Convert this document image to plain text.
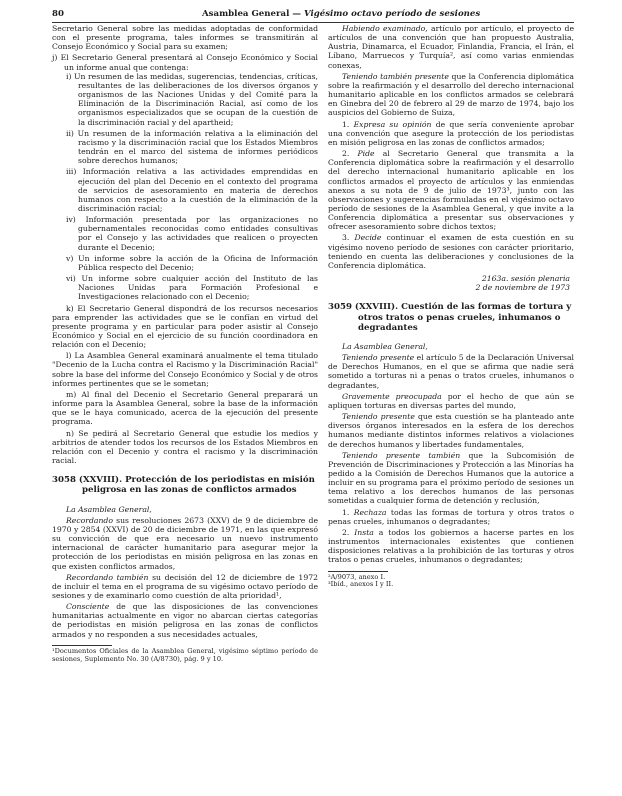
80	Asamblea General — Vigésimo octavo período de sesiones

Secretario General sobre las medidas adoptadas de conformidad con el presente programa, tales informes se transmitirán al Consejo Económico y Social para su examen;

j) El Secretario General presentará al Consejo Económico y Social un informe anual que contenga:

i) Un resumen de las medidas, sugerencias, tendencias, críticas, resultantes de las deliberaciones de los diversos órganos y organismos de las Naciones Unidas y del Comité para la Eliminación de la Discriminación Racial, así como de los organismos especializados que se ocupan de la cuestión de la discriminación racial y del apartheid;

ii) Un resumen de la información relativa a la eliminación del racismo y la discriminación racial que los Estados Miembros tendrán en el marco del sistema de informes periódicos sobre derechos humanos;

iii) Información relativa a las actividades emprendidas en ejecución del plan del Decenio en el contexto del programa de servicios de asesoramiento en materia de derechos humanos con respecto a la cuestión de la eliminación de la discriminación racial;

iv) Información presentada por las organizaciones no gubernamentales reconocidas como entidades consultivas por el Consejo y las actividades que realicen o proyecten durante el Decenio;

v) Un informe sobre la acción de la Oficina de Información Pública respecto del Decenio;

vi) Un informe sobre cualquier acción del Instituto de las Naciones Unidas para Formación Profesional e Investigaciones relacionado con el Decenio;

k) El Secretario General dispondrá de los recursos necesarios para emprender las actividades que se le confían en virtud del presente programa y en particular para poder asistir al Consejo Económico y Social en el ejercicio de su función coordinadora en relación con el Decenio;

l) La Asamblea General examinará anualmente el tema titulado "Decenio de la Lucha contra el Racismo y la Discriminación Racial" sobre la base del informe del Consejo Económico y Social y de otros informes pertinentes que se le sometan;

m) Al final del Decenio el Secretario General preparará un informe para la Asamblea General, sobre la base de la información que se le haya comunicado, acerca de la ejecución del presente programa.

n) Se pedirá al Secretario General que estudie los medios y arbitrios de atender todos los recursos de los Estados Miembros en relación con el Decenio y contra el racismo y la discriminación racial.

3058 (XXVIII). Protección de los periodistas en misión peligrosa en las zonas de conflictos armados

La Asamblea General,

Recordando sus resoluciones 2673 (XXV) de 9 de diciembre de 1970 y 2854 (XXVI) de 20 de diciembre de 1971, en las que expresó su convicción de que era necesario un nuevo instrumento internacional de carácter humanitario para asegurar mejor la protección de los periodistas en misión peligrosa en las zonas en que existen conflictos armados,

Recordando también su decisión del 12 de diciembre de 1972 de incluir el tema en el programa de su vigésimo octavo período de sesiones y de examinarlo como cuestión de alta prioridad¹,

Consciente de que las disposiciones de las convenciones humanitarias actualmente en vigor no abarcan ciertas categorías de periodistas en misión peligrosa en las zonas de conflictos armados y no responden a sus necesidades actuales,

¹Documentos Oficiales de la Asamblea General, vigésimo séptimo período de sesiones, Suplemento No. 30 (A/8730), pág. 9 y 10.

Habiendo examinado, artículo por artículo, el proyecto de artículos de una convención que han propuesto Australia, Austria, Dinamarca, el Ecuador, Finlandia, Francia, el Irán, el Líbano, Marruecos y Turquía², así como varias enmiendas conexas,

Teniendo también presente que la Conferencia diplomática sobre la reafirmación y el desarrollo del derecho internacional humanitario aplicable en los conflictos armados se celebrará en Ginebra del 20 de febrero al 29 de marzo de 1974, bajo los auspicios del Gobierno de Suiza,

1. Expresa su opinión de que sería conveniente aprobar una convención que asegure la protección de los periodistas en misión peligrosa en las zonas de conflictos armados;

2. Pide al Secretario General que transmita a la Conferencia diplomática sobre la reafirmación y el desarrollo del derecho internacional humanitario aplicable en los conflictos armados el proyecto de artículos y las enmiendas anexos a su nota de 9 de julio de 1973³, junto con las observaciones y sugerencias formuladas en el vigésimo octavo período de sesiones de la Asamblea General, y que invite a la Conferencia diplomática a presentar sus observaciones y ofrecer asesoramiento sobre dichos textos;

3. Decide continuar el examen de esta cuestión en su vigésimo noveno período de sesiones con carácter prioritario, teniendo en cuenta las deliberaciones y conclusiones de la Conferencia diplomática.

2163a. sesión plenaria

2 de noviembre de 1973

3059 (XXVIII). Cuestión de las formas de tortura y otros tratos o penas crueles, inhumanos o degradantes

La Asamblea General,

Teniendo presente el artículo 5 de la Declaración Universal de Derechos Humanos, en el que se afirma que nadie será sometido a torturas ni a penas o tratos crueles, inhumanos o degradantes,

Gravemente preocupada por el hecho de que aún se apliquen torturas en diversas partes del mundo,

Teniendo presente que esta cuestión se ha planteado ante diversos órganos interesados en la esfera de los derechos humanos mediante distintos informes relativos a violaciones de derechos humanos y libertades fundamentales,

Teniendo presente también que la Subcomisión de Prevención de Discriminaciones y Protección a las Minorías ha pedido a la Comisión de Derechos Humanos que la autorice a incluir en su programa para el próximo período de sesiones un tema relativo a los derechos humanos de las personas sometidas a cualquier forma de detención y reclusión,

1. Rechaza todas las formas de tortura y otros tratos o penas crueles, inhumanos o degradantes;

2. Insta a todos los gobiernos a hacerse partes en los instrumentos internacionales existentes que contienen disposiciones relativas a la prohibición de las torturas y otros tratos o penas crueles, inhumanos o degradantes;

²A/9073, anexo I.

³Ibíd., anexos I y II.
